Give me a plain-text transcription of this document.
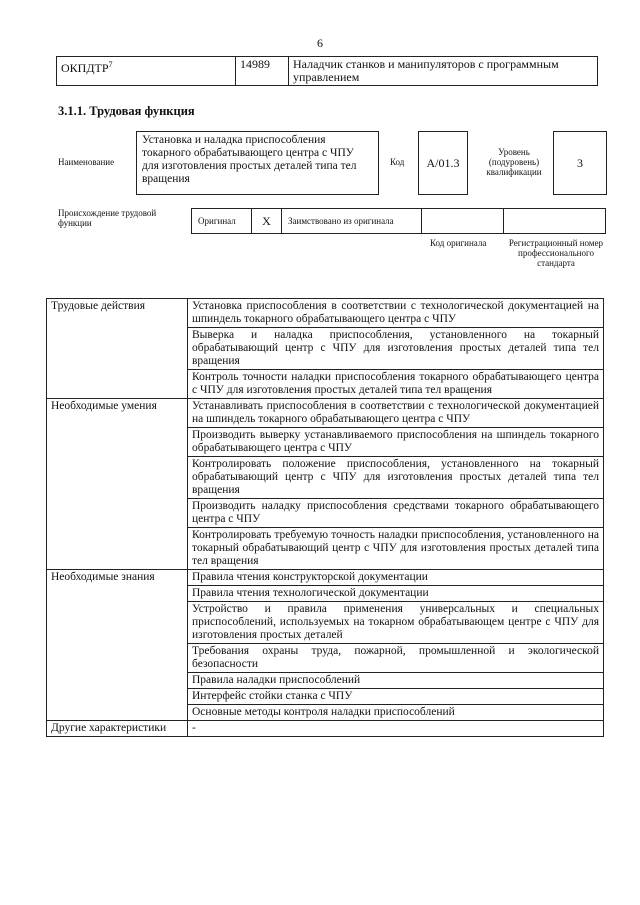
6
ОКПДТР$^7$	14989	Наладчик станков и манипуляторов с программным управлением
3.1.1. Трудовая функция
Наименование
Установка и наладка приспособления токарного обрабатывающего центра с ЧПУ для изготовления простых деталей типа тел вращения
Код	A/01.3
Уровень (подуровень) квалификации
3
Происхождение трудовой функции	Оригинал	X	Заимствовано из оригинала
Код оригинала	Регистрационный номер профессионального стандарта
Трудовые действия	Установка приспособления в соответствии с технологической документацией на шпиндель токарного обрабатывающего центра с ЧПУ
	Выверка и наладка приспособления, установленного на токарный обрабатывающий центр с ЧПУ для изготовления простых деталей типа тел вращения
	Контроль точности наладки приспособления токарного обрабатывающего центра с ЧПУ для изготовления простых деталей типа тел вращения
Необходимые умения	Устанавливать приспособления в соответствии с технологической документацией на шпиндель токарного обрабатывающего центра с ЧПУ
	Производить выверку устанавливаемого приспособления на шпиндель токарного обрабатывающего центра с ЧПУ
	Контролировать положение приспособления, установленного на токарный обрабатывающий центр с ЧПУ для изготовления простых деталей типа тел вращения
	Производить наладку приспособления средствами токарного обрабатывающего центра с ЧПУ
	Контролировать требуемую точность наладки приспособления, установленного на токарный обрабатывающий центр с ЧПУ для изготовления простых деталей типа тел вращения
Необходимые знания	Правила чтения конструкторской документации
	Правила чтения технологической документации
	Устройство и правила применения универсальных и специальных приспособлений, используемых на токарном обрабатывающем центре с ЧПУ для изготовления простых деталей
	Требования охраны труда, пожарной, промышленной и экологической безопасности
	Правила наладки приспособлений
	Интерфейс стойки станка с ЧПУ
	Основные методы контроля наладки приспособлений
Другие характеристики	-
